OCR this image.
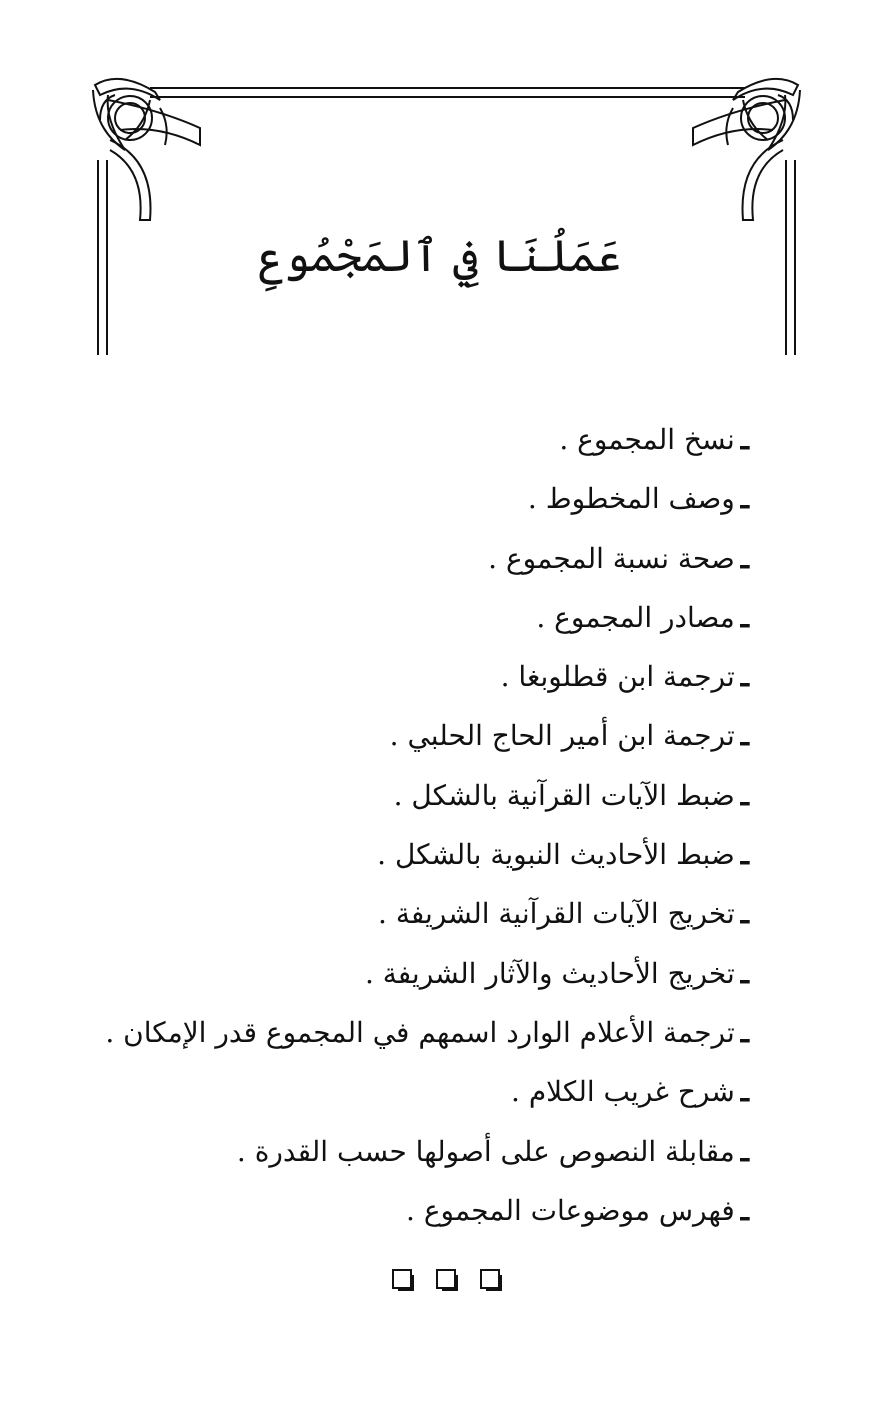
عَمَلُنَا فِي ٱلمَجْمُوعِ
ـنسخ المجموع .
ـوصف المخطوط .
ـصحة نسبة المجموع .
ـمصادر المجموع .
ـترجمة ابن قطلوبغا .
ـترجمة ابن أمير الحاج الحلبي .
ـضبط الآيات القرآنية بالشكل .
ـضبط الأحاديث النبوية بالشكل .
ـتخريج الآيات القرآنية الشريفة .
ـتخريج الأحاديث والآثار الشريفة .
ـترجمة الأعلام الوارد اسمهم في المجموع قدر الإمكان .
ـشرح غريب الكلام .
ـمقابلة النصوص على أصولها حسب القدرة .
ـفهرس موضوعات المجموع .
